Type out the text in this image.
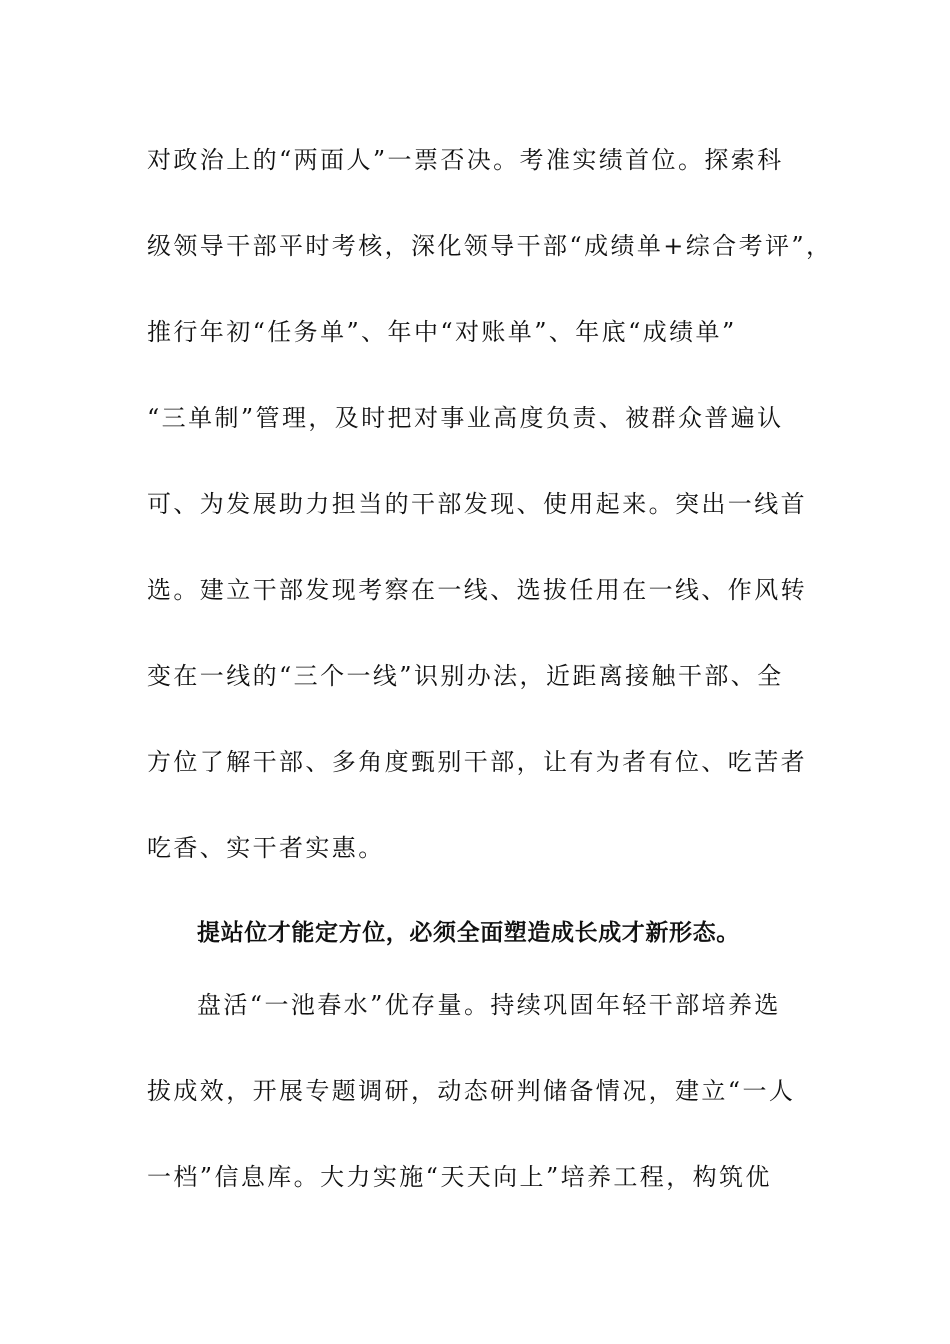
对政治上的“两面人”一票否决。考准实绩首位。探索科
级领导干部平时考核，深化领导干部“成绩单+综合考评”，
推行年初“任务单”、年中“对账单”、年底“成绩单”
“三单制”管理，及时把对事业高度负责、被群众普遍认
可、为发展助力担当的干部发现、使用起来。突出一线首
选。建立干部发现考察在一线、选拔任用在一线、作风转
变在一线的“三个一线”识别办法，近距离接触干部、全
方位了解干部、多角度甄别干部，让有为者有位、吃苦者
吃香、实干者实惠。
提站位才能定方位，必须全面塑造成长成才新形态。
盘活“一池春水”优存量。持续巩固年轻干部培养选
拔成效，开展专题调研，动态研判储备情况，建立“一人
一档”信息库。大力实施“天天向上”培养工程，构筑优
